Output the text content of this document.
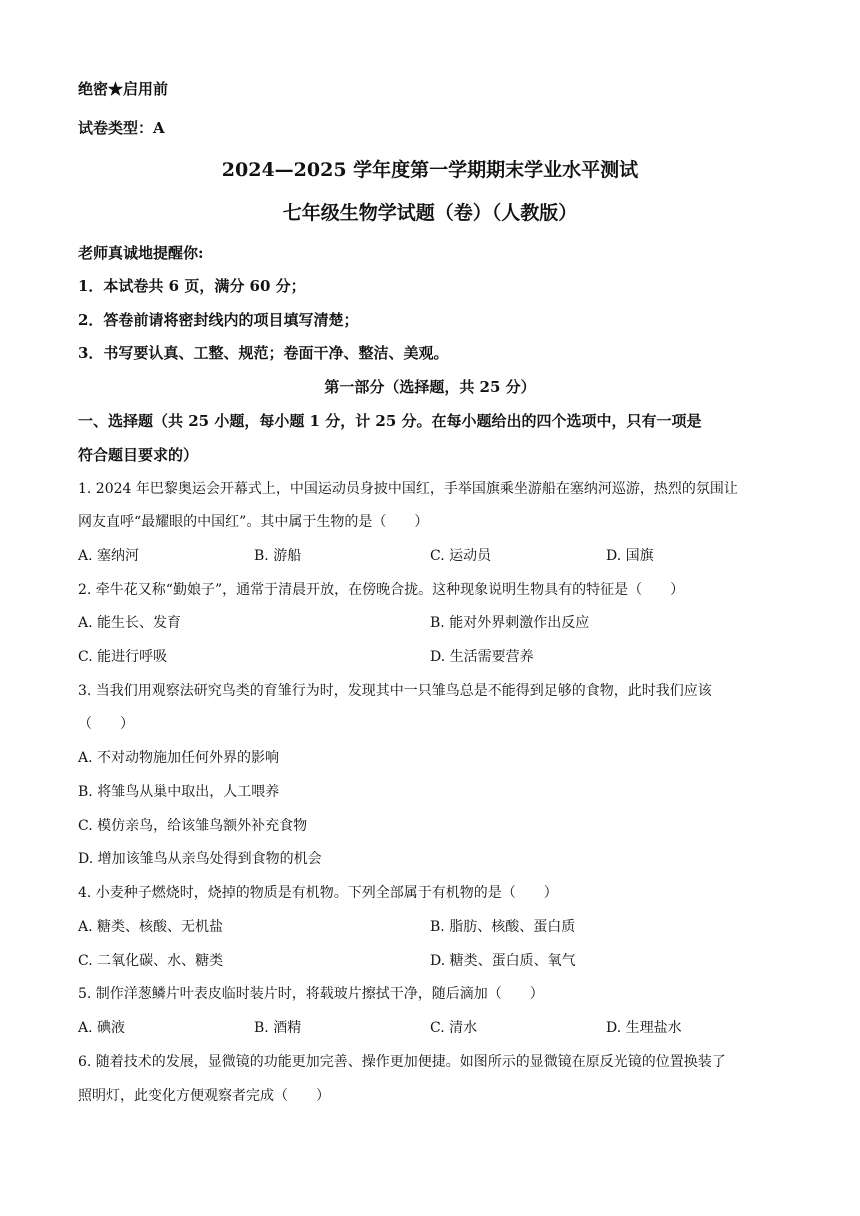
绝密★启用前
试卷类型：A
2024—2025 学年度第一学期期末学业水平测试
七年级生物学试题（卷）（人教版）
老师真诚地提醒你:
1．本试卷共 6 页，满分 60 分；
2．答卷前请将密封线内的项目填写清楚；
3．书写要认真、工整、规范；卷面干净、整洁、美观。
第一部分（选择题，共 25 分）
一、选择题（共 25 小题，每小题 1 分，计 25 分。在每小题给出的四个选项中，只有一项是
符合题目要求的）
1. 2024 年巴黎奥运会开幕式上，中国运动员身披中国红，手举国旗乘坐游船在塞纳河巡游，热烈的氛围让
网友直呼“最耀眼的中国红”。其中属于生物的是（　　）
A. 塞纳河	B. 游船	C. 运动员	D. 国旗
2. 牵牛花又称“勤娘子”，通常于清晨开放，在傍晚合拢。这种现象说明生物具有的特征是（　　）
A. 能生长、发育	B. 能对外界刺激作出反应
C. 能进行呼吸	D. 生活需要营养
3. 当我们用观察法研究鸟类的育雏行为时，发现其中一只雏鸟总是不能得到足够的食物，此时我们应该
（　　）
A. 不对动物施加任何外界的影响
B. 将雏鸟从巢中取出，人工喂养
C. 模仿亲鸟，给该雏鸟额外补充食物
D. 增加该雏鸟从亲鸟处得到食物的机会
4. 小麦种子燃烧时，烧掉的物质是有机物。下列全部属于有机物的是（　　）
A. 糖类、核酸、无机盐	B. 脂肪、核酸、蛋白质
C. 二氧化碳、水、糖类	D. 糖类、蛋白质、氧气
5. 制作洋葱鳞片叶表皮临时装片时，将载玻片擦拭干净，随后滴加（　　）
A. 碘液	B. 酒精	C. 清水	D. 生理盐水
6. 随着技术的发展，显微镜的功能更加完善、操作更加便捷。如图所示的显微镜在原反光镜的位置换装了
照明灯，此变化方便观察者完成（　　）
